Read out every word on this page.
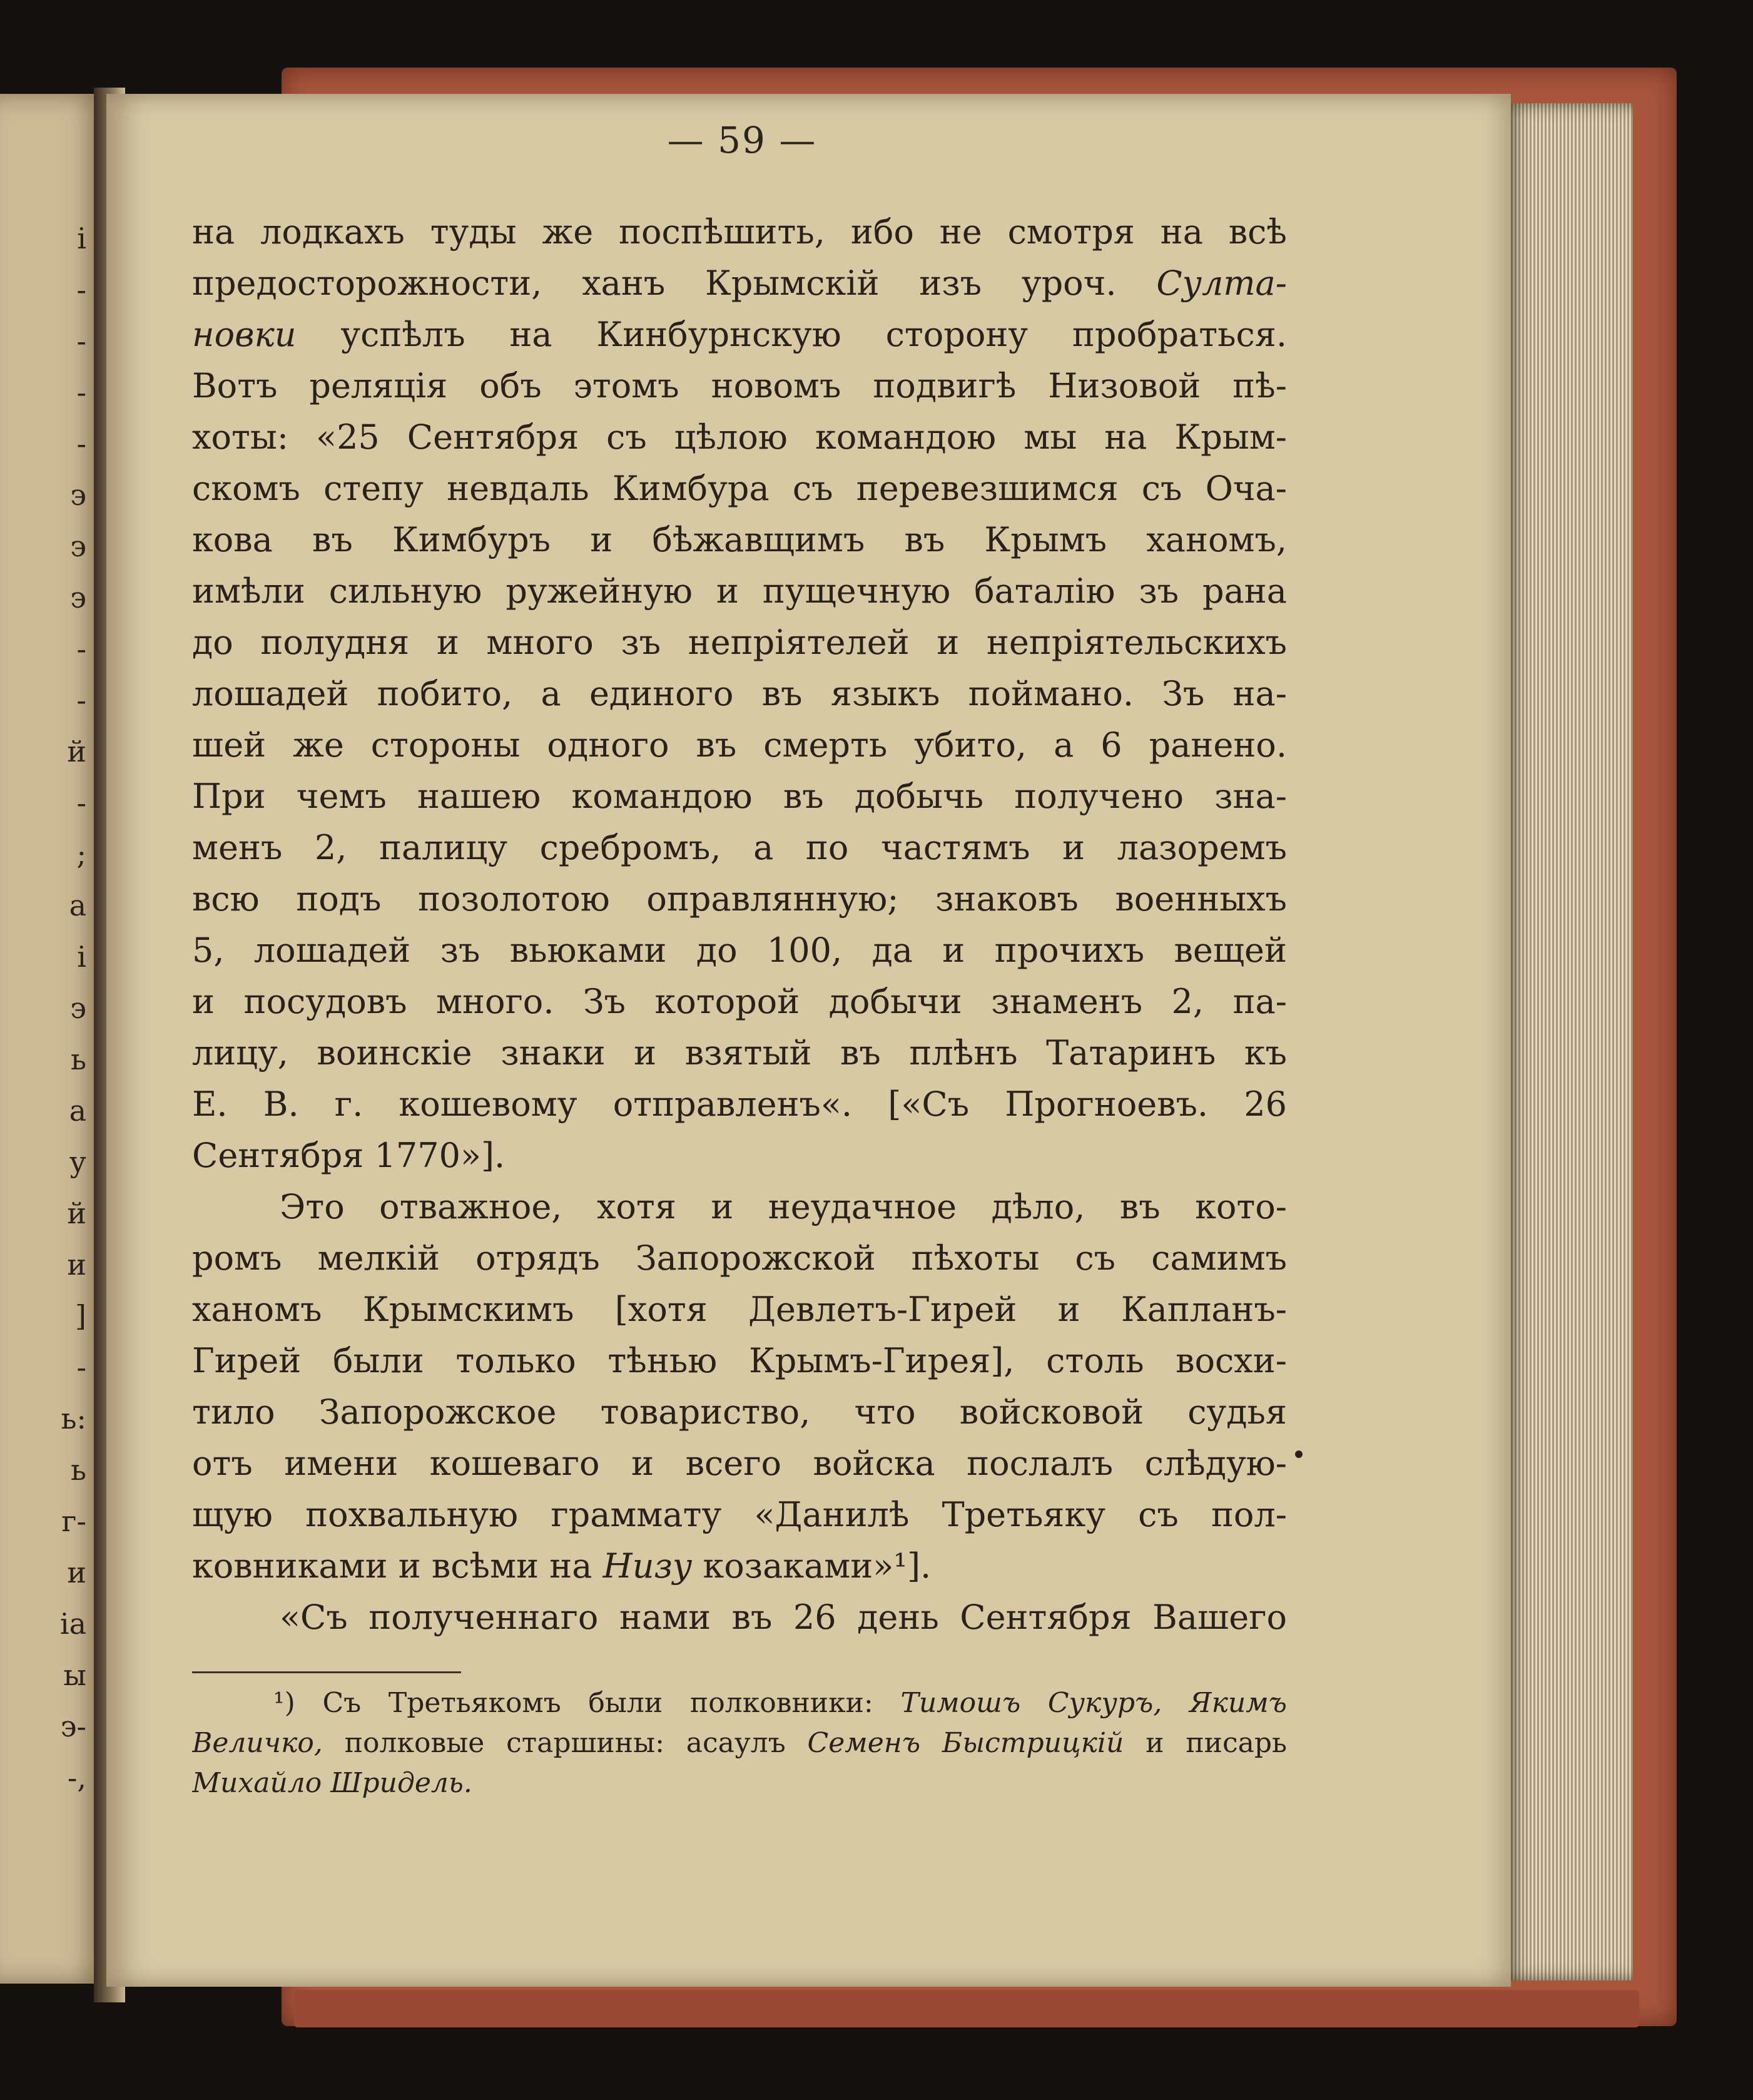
і
-
-
-
-
э
э
э
-
-
й
-
;
а
і
э
ь
а
у
й
и
]
-
ь:
ь
г-
и
ia
ы
э-
-,
— 59 —
на лодкахъ туды же поспѣшить, ибо не смотря на всѣ
предосторожности, ханъ Крымскій изъ уроч. Султа-
новки успѣлъ на Кинбурнскую сторону пробраться.
Вотъ реляція объ этомъ новомъ подвигѣ Низовой пѣ-
хоты: «25 Сентября съ цѣлою командою мы на Крым-
скомъ степу невдаль Кимбура съ перевезшимся съ Оча-
кова въ Кимбуръ и бѣжавщимъ въ Крымъ ханомъ,
имѣли сильную ружейную и пущечную баталію зъ рана
до полудня и много зъ непріятелей и непріятельскихъ
лошадей побито, а единого въ языкъ поймано. Зъ на-
шей же стороны одного въ смерть убито, а 6 ранено.
При чемъ нашею командою въ добычь получено зна-
менъ 2, палицу сребромъ, а по частямъ и лазоремъ
всю подъ позолотою оправлянную; знаковъ военныхъ
5, лошадей зъ вьюками до 100, да и прочихъ вещей
и посудовъ много. Зъ которой добычи знаменъ 2, па-
лицу, воинскіе знаки и взятый въ плѣнъ Татаринъ къ
Е. В. г. кошевому отправленъ«. [«Съ Прогноевъ. 26
Сентября 1770»].
Это отважное, хотя и неудачное дѣло, въ кото-
ромъ мелкій отрядъ Запорожской пѣхоты съ самимъ
ханомъ Крымскимъ [хотя Девлетъ-Гирей и Капланъ-
Гирей были только тѣнью Крымъ-Гирея], столь восхи-
тило Запорожское товариство, что войсковой судья
отъ имени кошеваго и всего войска послалъ слѣдую-
щую похвальную граммату «Данилѣ Третьяку съ пол-
ковниками и всѣми на Низу козаками»¹].
«Съ полученнаго нами въ 26 день Сентября Вашего
¹) Съ Третьякомъ были полковники: Тимошъ Сукуръ, Якимъ
Величко, полковые старшины: асаулъ Семенъ Быстрицкій и писарь
Михайло Шридель.
